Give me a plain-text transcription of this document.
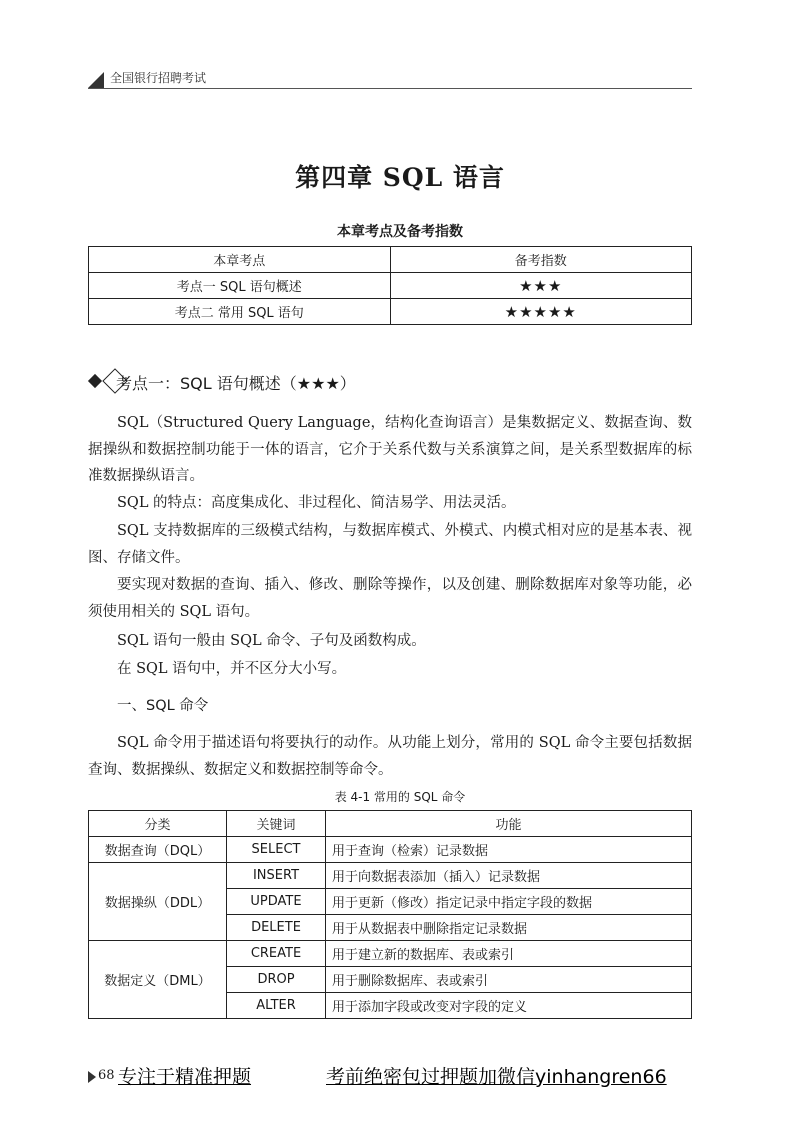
全国银行招聘考试
第四章 SQL 语言
本章考点及备考指数
本章考点	备考指数
考点一 SQL 语句概述	★★★
考点二 常用 SQL 语句	★★★★★
考点一：SQL 语句概述（★★★）

SQL（Structured Query Language，结构化查询语言）是集数据定义、数据查询、数据操纵和数据控制功能于一体的语言，它介于关系代数与关系演算之间，是关系型数据库的标准数据操纵语言。

SQL 的特点：高度集成化、非过程化、简洁易学、用法灵活。

SQL 支持数据库的三级模式结构，与数据库模式、外模式、内模式相对应的是基本表、视图、存储文件。

要实现对数据的查询、插入、修改、删除等操作，以及创建、删除数据库对象等功能，必须使用相关的 SQL 语句。

SQL 语句一般由 SQL 命令、子句及函数构成。

在 SQL 语句中，并不区分大小写。

一、SQL 命令

SQL 命令用于描述语句将要执行的动作。从功能上划分，常用的 SQL 命令主要包括数据查询、数据操纵、数据定义和数据控制等命令。

表 4-1 常用的 SQL 命令
分类	关键词	功能
数据查询（DQL）	SELECT	用于查询（检索）记录数据
数据操纵（DDL）	INSERT	用于向数据表添加（插入）记录数据
	UPDATE	用于更新（修改）指定记录中指定字段的数据
	DELETE	用于从数据表中删除指定记录数据
数据定义（DML）	CREATE	用于建立新的数据库、表或索引
	DROP	用于删除数据库、表或索引
	ALTER	用于添加字段或改变对字段的定义
68 专注于精准押题	考前绝密包过押题加微信yinhangren66
